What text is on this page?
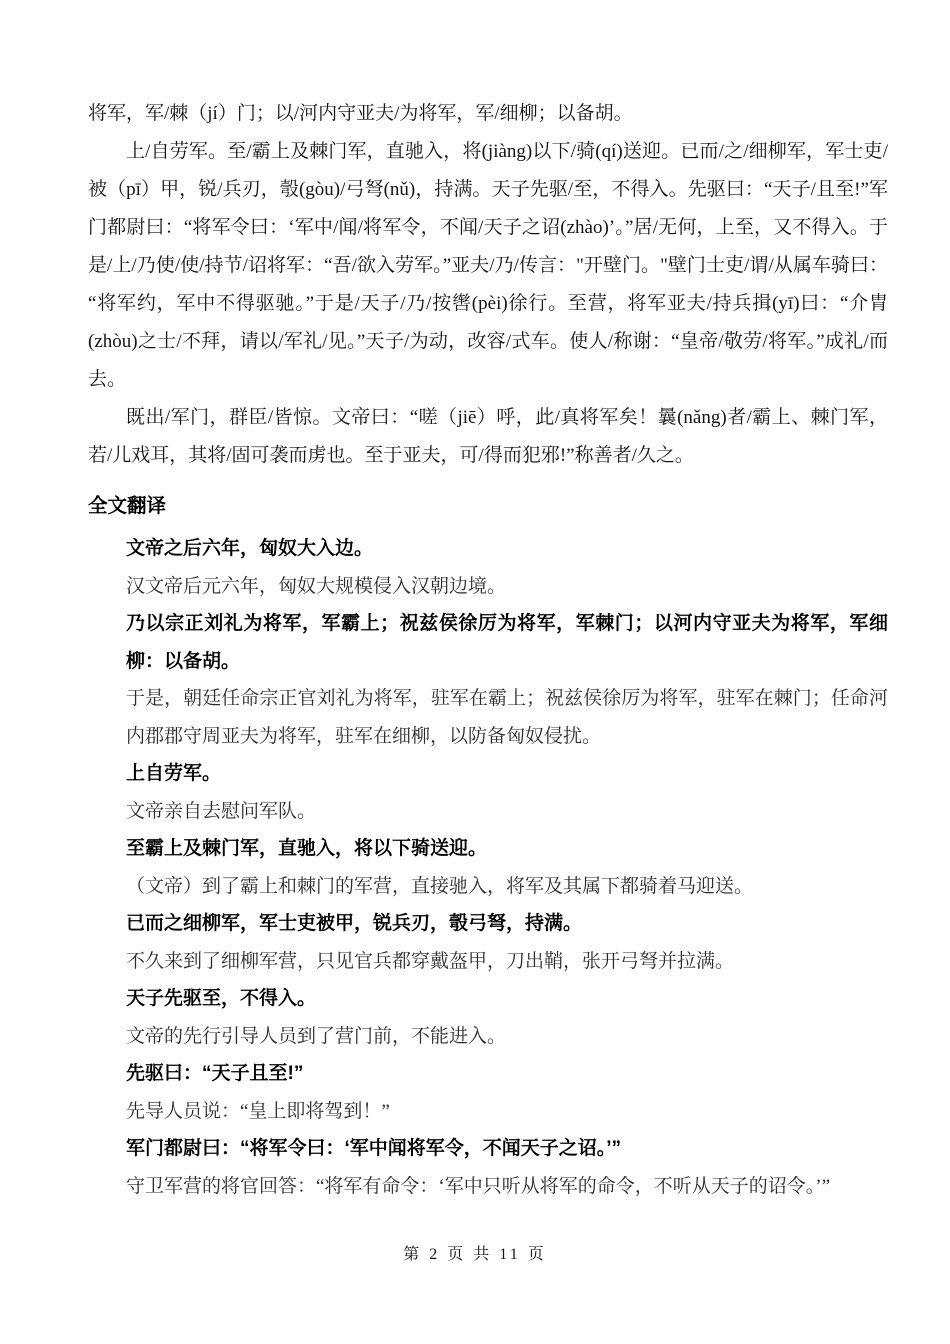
将军，军/棘（jí）门；以/河内守亚夫/为将军，军/细柳；以备胡。

上/自劳军。至/霸上及棘门军，直驰入，将(jiàng)以下/骑(qí)送迎。已而/之/细柳军，军士吏/被（pī）甲，锐/兵刃，彀(gòu)/弓弩(nǔ)，持满。天子先驱/至，不得入。先驱曰：“天子/且至!”军门都尉曰：“将军令曰：‘军中/闻/将军令，不闻/天子之诏(zhào)’。”居/无何，上至，又不得入。于是/上/乃使/使/持节/诏将军：“吾/欲入劳军。”亚夫/乃/传言："开壁门。"壁门士吏/谓/从属车骑曰：“将军约，军中不得驱驰。”于是/天子/乃/按辔(pèi)徐行。至营，将军亚夫/持兵揖(yī)曰：“介胄(zhòu)之士/不拜，请以/军礼/见。”天子/为动，改容/式车。使人/称谢：“皇帝/敬劳/将军。”成礼/而去。

既出/军门，群臣/皆惊。文帝曰：“嗟（jiē）呼，此/真将军矣！曩(nǎng)者/霸上、棘门军，若/儿戏耳，其将/固可袭而虏也。至于亚夫，可/得而犯邪!”称善者/久之。

全文翻译

文帝之后六年，匈奴大入边。

汉文帝后元六年，匈奴大规模侵入汉朝边境。

乃以宗正刘礼为将军，军霸上；祝兹侯徐厉为将军，军棘门；以河内守亚夫为将军，军细柳：以备胡。

于是，朝廷任命宗正官刘礼为将军，驻军在霸上；祝兹侯徐厉为将军，驻军在棘门；任命河内郡郡守周亚夫为将军，驻军在细柳，以防备匈奴侵扰。

上自劳军。

文帝亲自去慰问军队。

至霸上及棘门军，直驰入，将以下骑送迎。

（文帝）到了霸上和棘门的军营，直接驰入，将军及其属下都骑着马迎送。

已而之细柳军，军士吏被甲，锐兵刃，彀弓弩，持满。

不久来到了细柳军营，只见官兵都穿戴盔甲，刀出鞘，张开弓弩并拉满。

天子先驱至，不得入。

文帝的先行引导人员到了营门前，不能进入。

先驱曰：“天子且至!”

先导人员说：“皇上即将驾到！”

军门都尉曰：“将军令曰：‘军中闻将军令，不闻天子之诏。’”

守卫军营的将官回答：“将军有命令：‘军中只听从将军的命令，不听从天子的诏令。’”

第 2 页 共 11 页
